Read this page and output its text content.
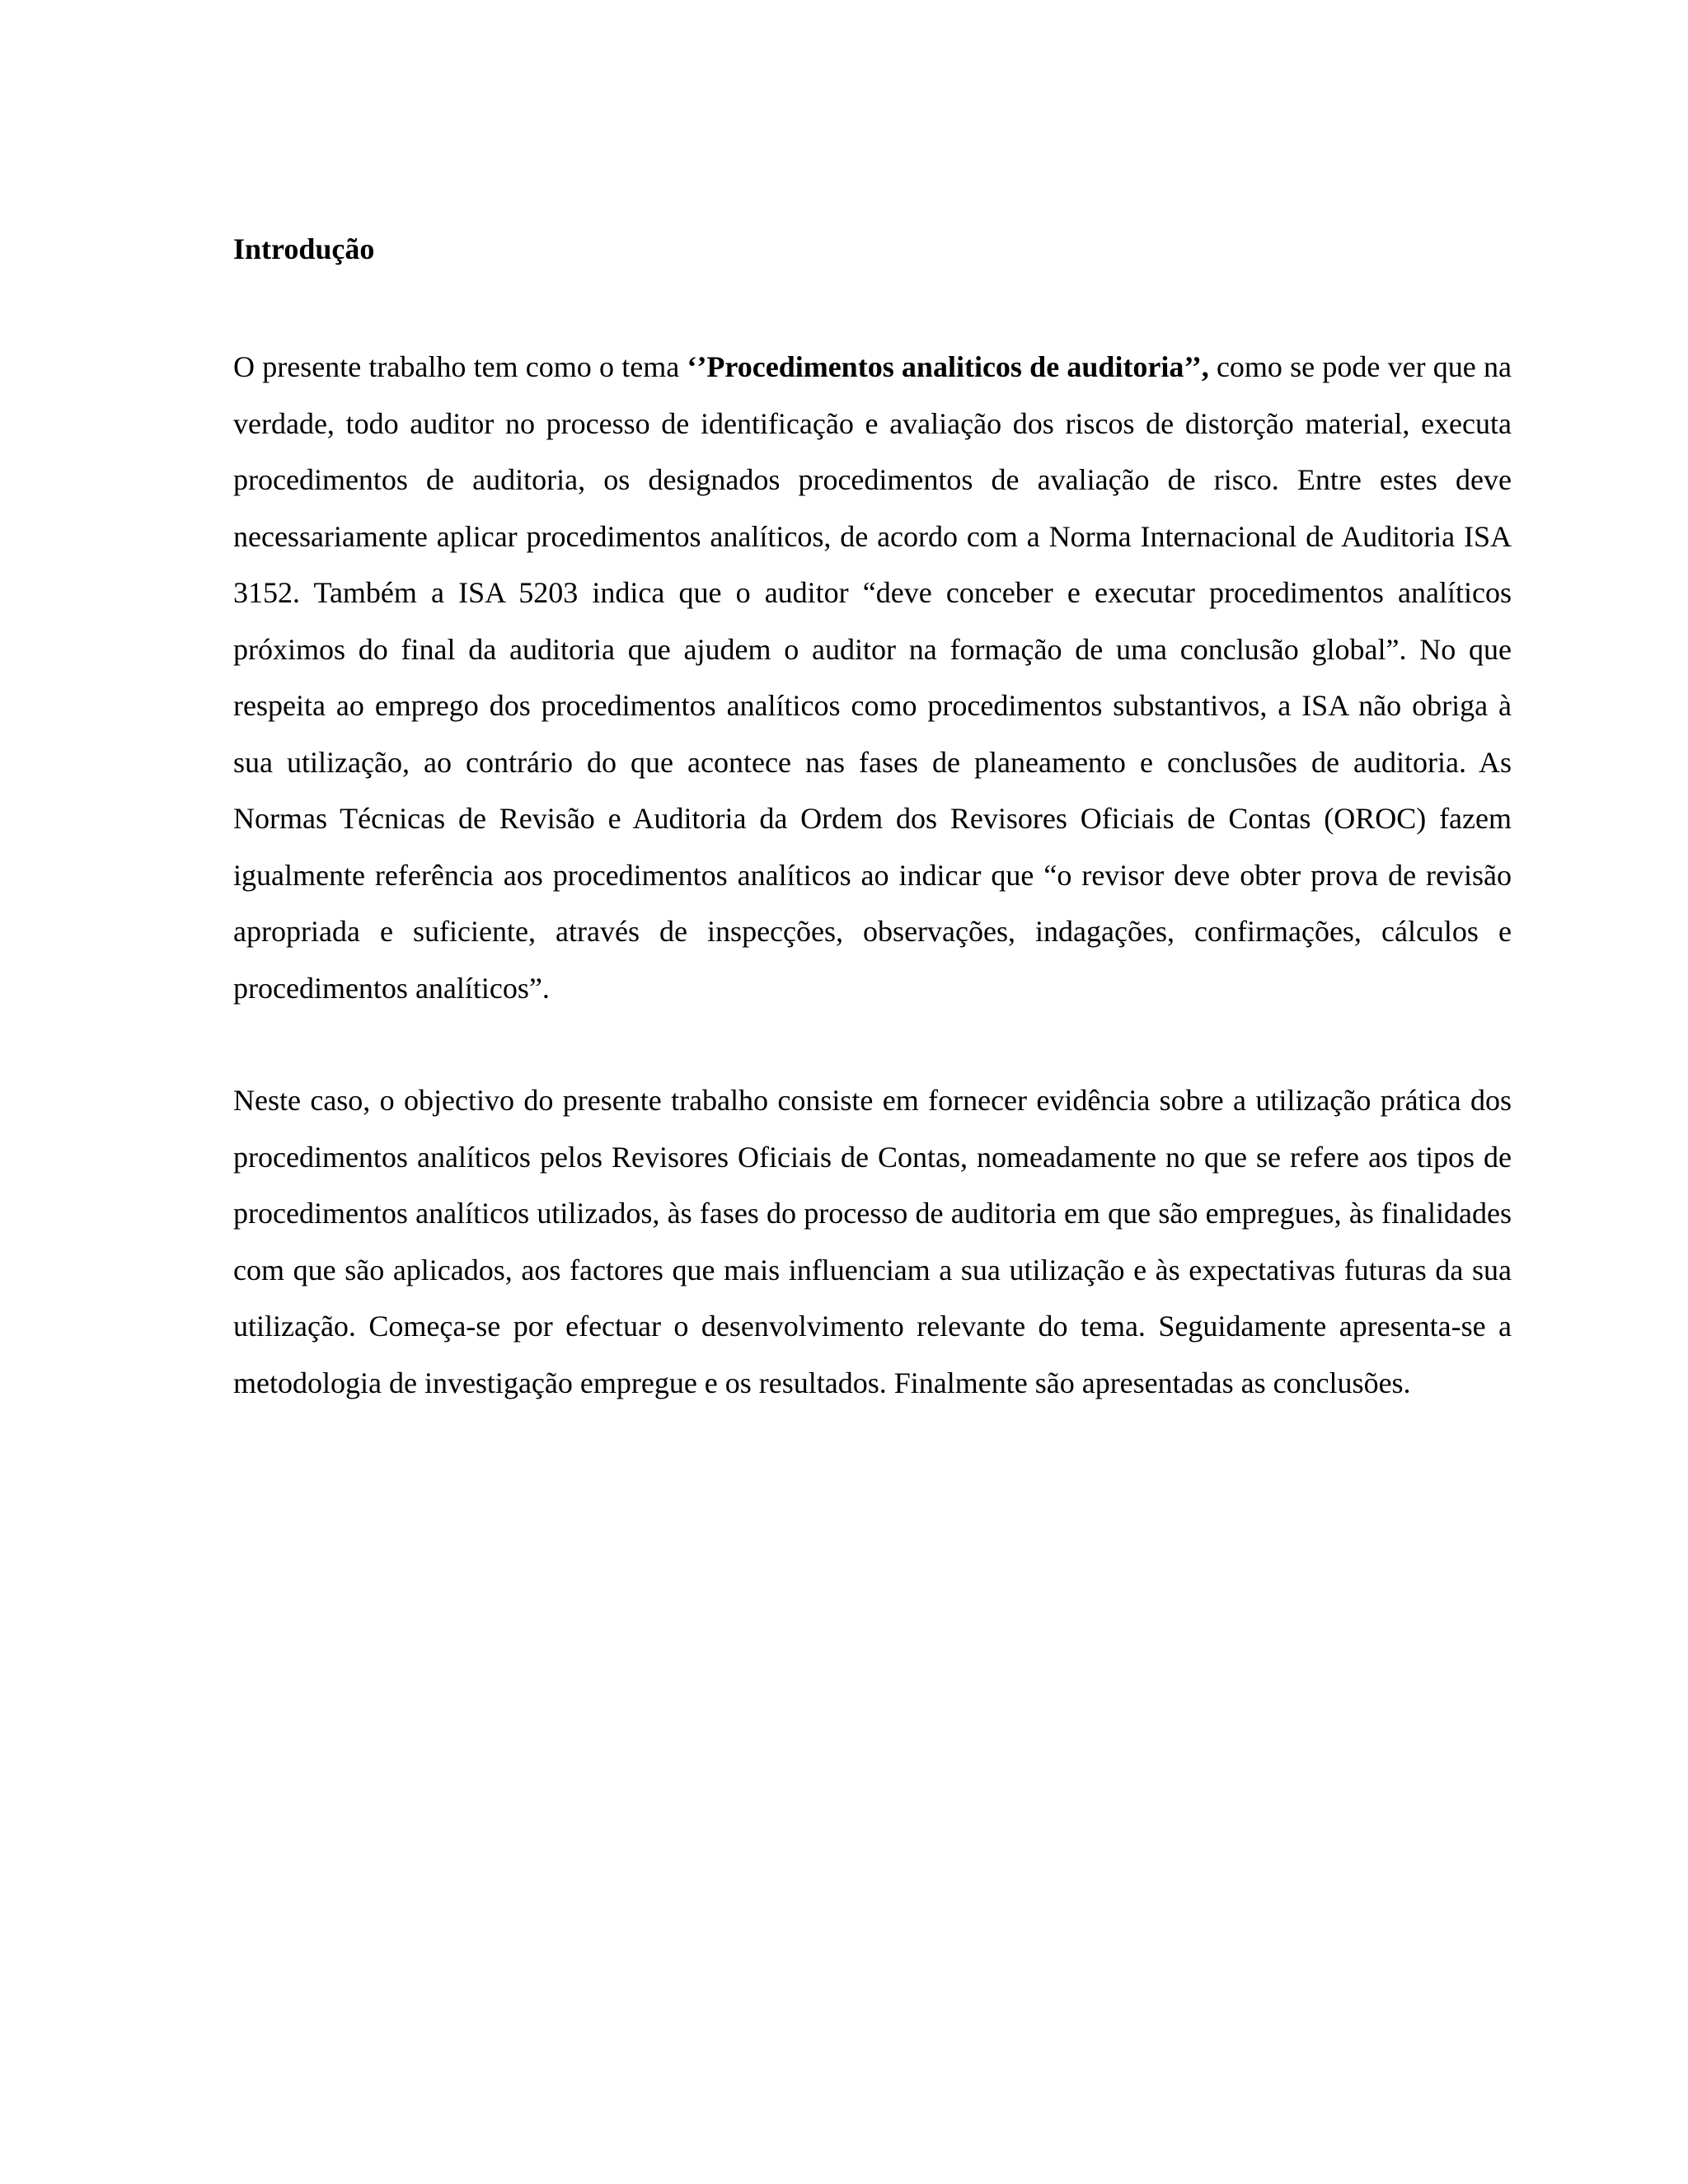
Introdução

O presente trabalho tem como o tema ‘’Procedimentos analiticos de auditoria’’, como se pode ver que na verdade, todo auditor no processo de identificação e avaliação dos riscos de distorção material, executa procedimentos de auditoria, os designados procedimentos de avaliação de risco. Entre estes deve necessariamente aplicar procedimentos analíticos, de acordo com a Norma Internacional de Auditoria ISA 3152. Também a ISA 5203 indica que o auditor “deve conceber e executar procedimentos analíticos próximos do final da auditoria que ajudem o auditor na formação de uma conclusão global”. No que respeita ao emprego dos procedimentos analíticos como procedimentos substantivos, a ISA não obriga à sua utilização, ao contrário do que acontece nas fases de planeamento e conclusões de auditoria. As Normas Técnicas de Revisão e Auditoria da Ordem dos Revisores Oficiais de Contas (OROC) fazem igualmente referência aos procedimentos analíticos ao indicar que “o revisor deve obter prova de revisão apropriada e suficiente, através de inspecções, observações, indagações, confirmações, cálculos e procedimentos analíticos”.

Neste caso, o objectivo do presente trabalho consiste em fornecer evidência sobre a utilização prática dos procedimentos analíticos pelos Revisores Oficiais de Contas, nomeadamente no que se refere aos tipos de procedimentos analíticos utilizados, às fases do processo de auditoria em que são empregues, às finalidades com que são aplicados, aos factores que mais influenciam a sua utilização e às expectativas futuras da sua utilização. Começa-se por efectuar o desenvolvimento relevante do tema. Seguidamente apresenta-se a metodologia de investigação empregue e os resultados. Finalmente são apresentadas as conclusões.
